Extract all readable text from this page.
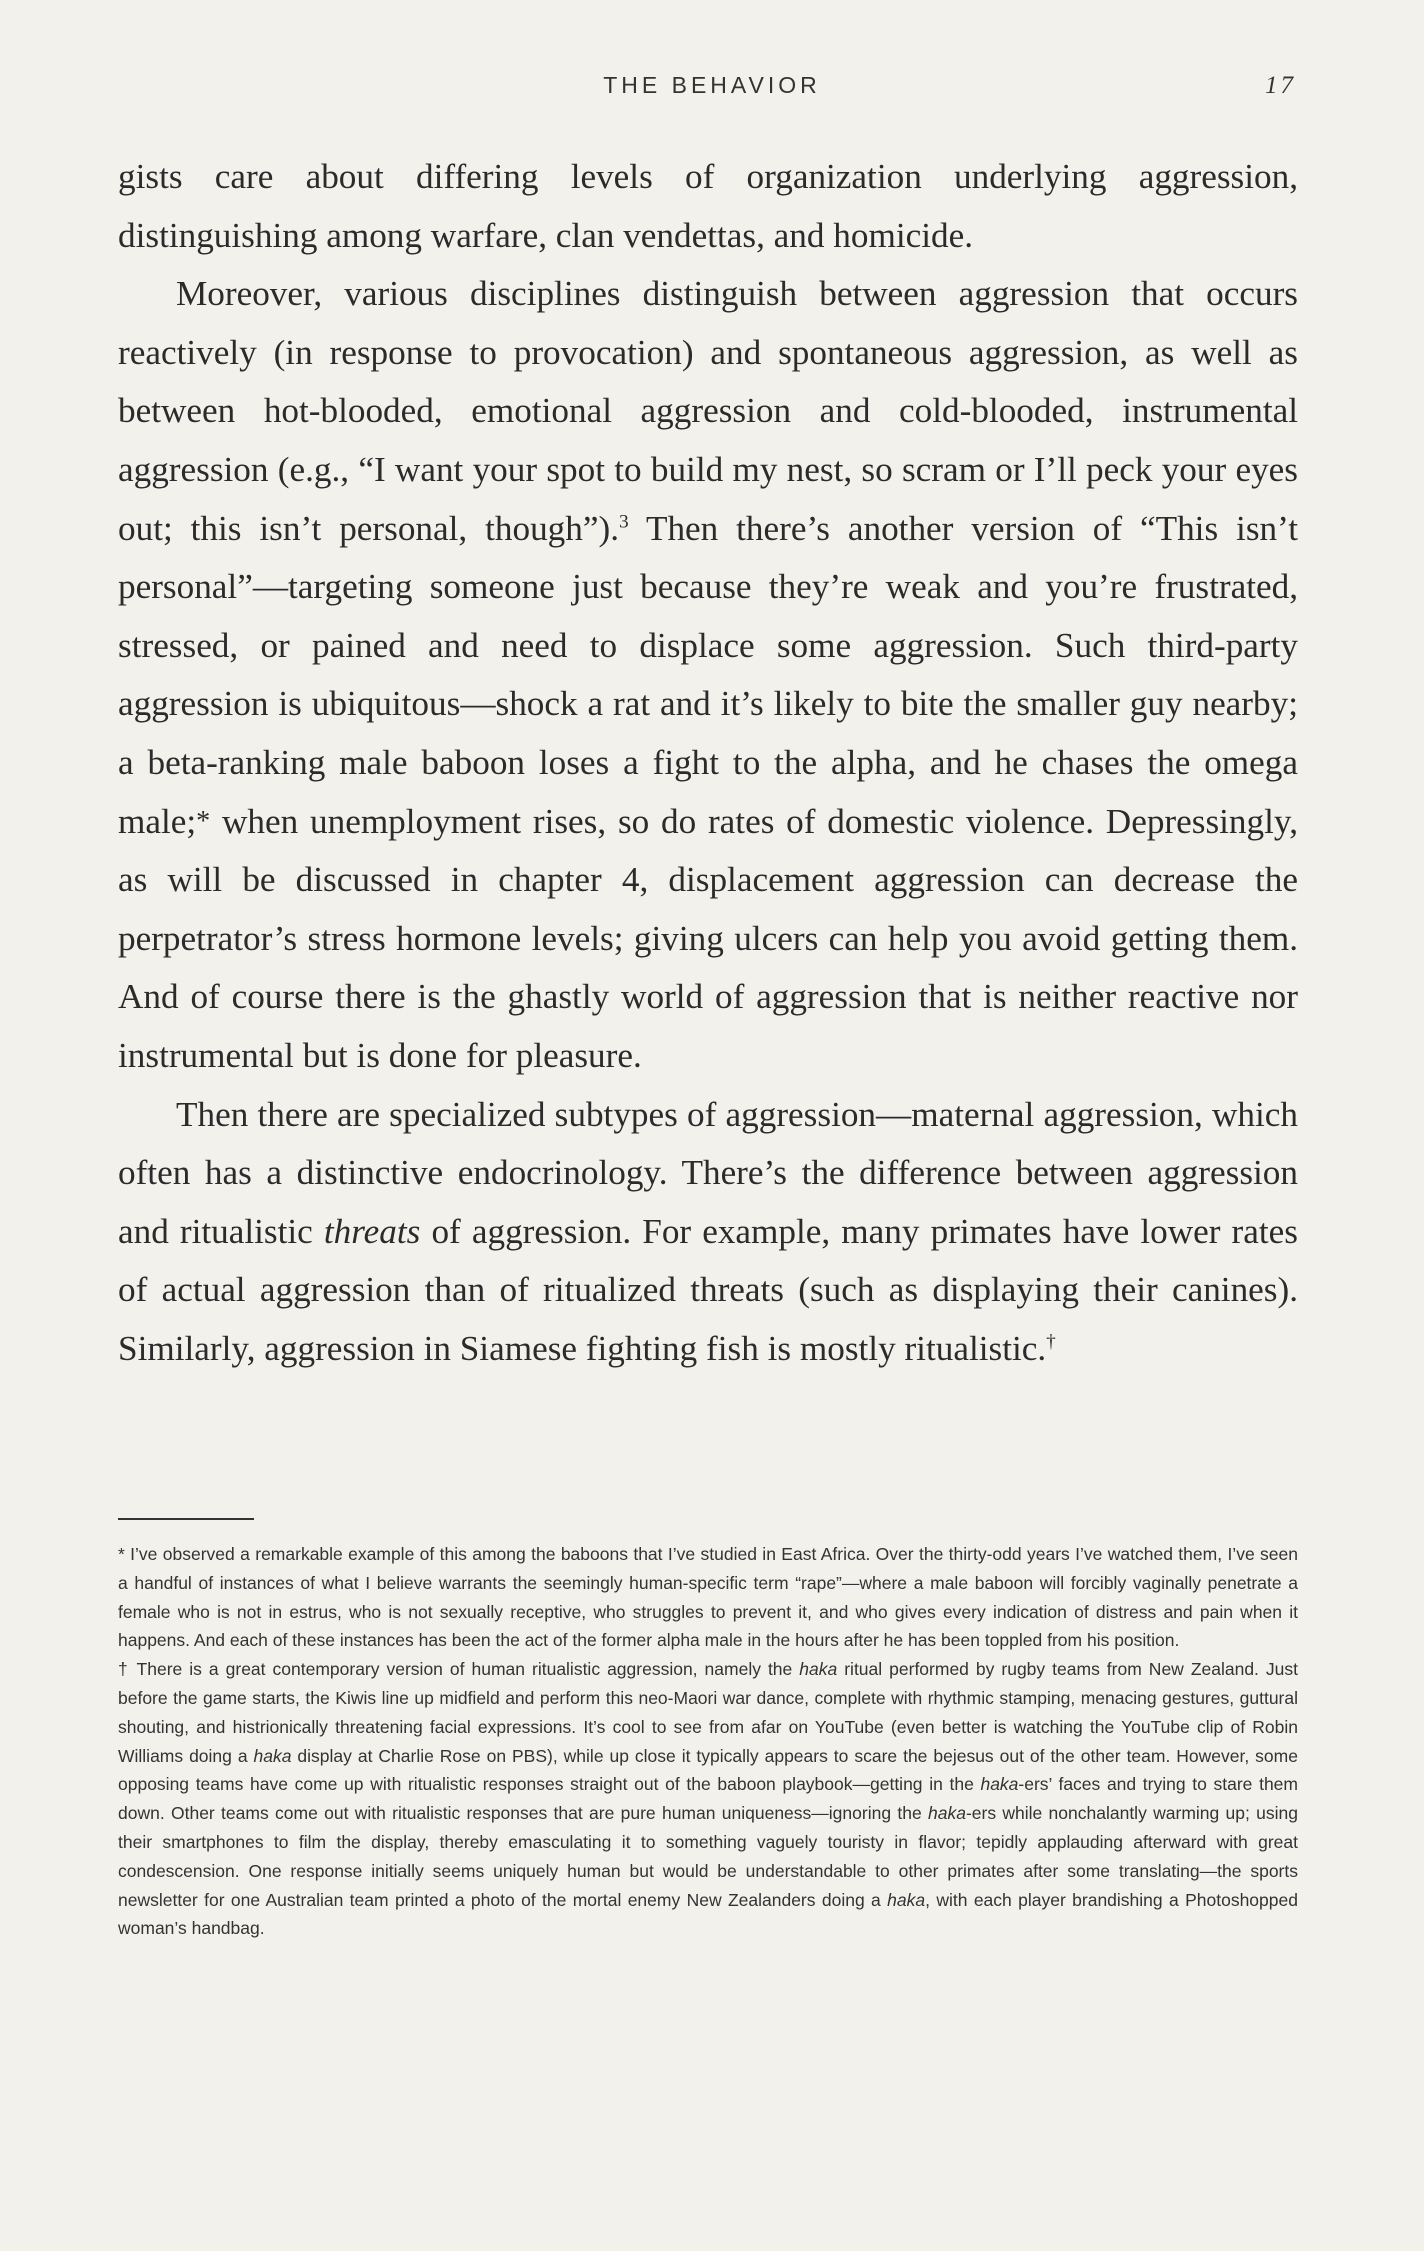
THE BEHAVIOR	17

gists care about differing levels of organization underlying aggression, distinguishing among warfare, clan vendettas, and homicide.

Moreover, various disciplines distinguish between aggression that occurs reactively (in response to provocation) and spontaneous aggression, as well as between hot-blooded, emotional aggression and cold-blooded, instrumental aggression (e.g., “I want your spot to build my nest, so scram or I’ll peck your eyes out; this isn’t personal, though”).$^3$ Then there’s another version of “This isn’t personal”—targeting someone just because they’re weak and you’re frustrated, stressed, or pained and need to displace some aggression. Such third-party aggression is ubiquitous—shock a rat and it’s likely to bite the smaller guy nearby; a beta-ranking male baboon loses a fight to the alpha, and he chases the omega male;* when unemployment rises, so do rates of domestic violence. Depressingly, as will be discussed in chapter 4, displacement aggression can decrease the perpetrator’s stress hormone levels; giving ulcers can help you avoid getting them. And of course there is the ghastly world of aggression that is neither reactive nor instrumental but is done for pleasure.

Then there are specialized subtypes of aggression—maternal aggression, which often has a distinctive endocrinology. There’s the difference between aggression and ritualistic threats of aggression. For example, many primates have lower rates of actual aggression than of ritualized threats (such as displaying their canines). Similarly, aggression in Siamese fighting fish is mostly ritualistic.†

* I’ve observed a remarkable example of this among the baboons that I’ve studied in East Africa. Over the thirty-odd years I’ve watched them, I’ve seen a handful of instances of what I believe warrants the seemingly human-specific term “rape”—where a male baboon will forcibly vaginally penetrate a female who is not in estrus, who is not sexually receptive, who struggles to prevent it, and who gives every indication of distress and pain when it happens. And each of these instances has been the act of the former alpha male in the hours after he has been toppled from his position.

† There is a great contemporary version of human ritualistic aggression, namely the haka ritual performed by rugby teams from New Zealand. Just before the game starts, the Kiwis line up midfield and perform this neo-Maori war dance, complete with rhythmic stamping, menacing gestures, guttural shouting, and histrionically threatening facial expressions. It’s cool to see from afar on YouTube (even better is watching the YouTube clip of Robin Williams doing a haka display at Charlie Rose on PBS), while up close it typically appears to scare the bejesus out of the other team. However, some opposing teams have come up with ritualistic responses straight out of the baboon playbook—getting in the haka-ers’ faces and trying to stare them down. Other teams come out with ritualistic responses that are pure human uniqueness—ignoring the haka-ers while nonchalantly warming up; using their smartphones to film the display, thereby emasculating it to something vaguely touristy in flavor; tepidly applauding afterward with great condescension. One response initially seems uniquely human but would be understandable to other primates after some translating—the sports newsletter for one Australian team printed a photo of the mortal enemy New Zealanders doing a haka, with each player brandishing a Photoshopped woman’s handbag.
